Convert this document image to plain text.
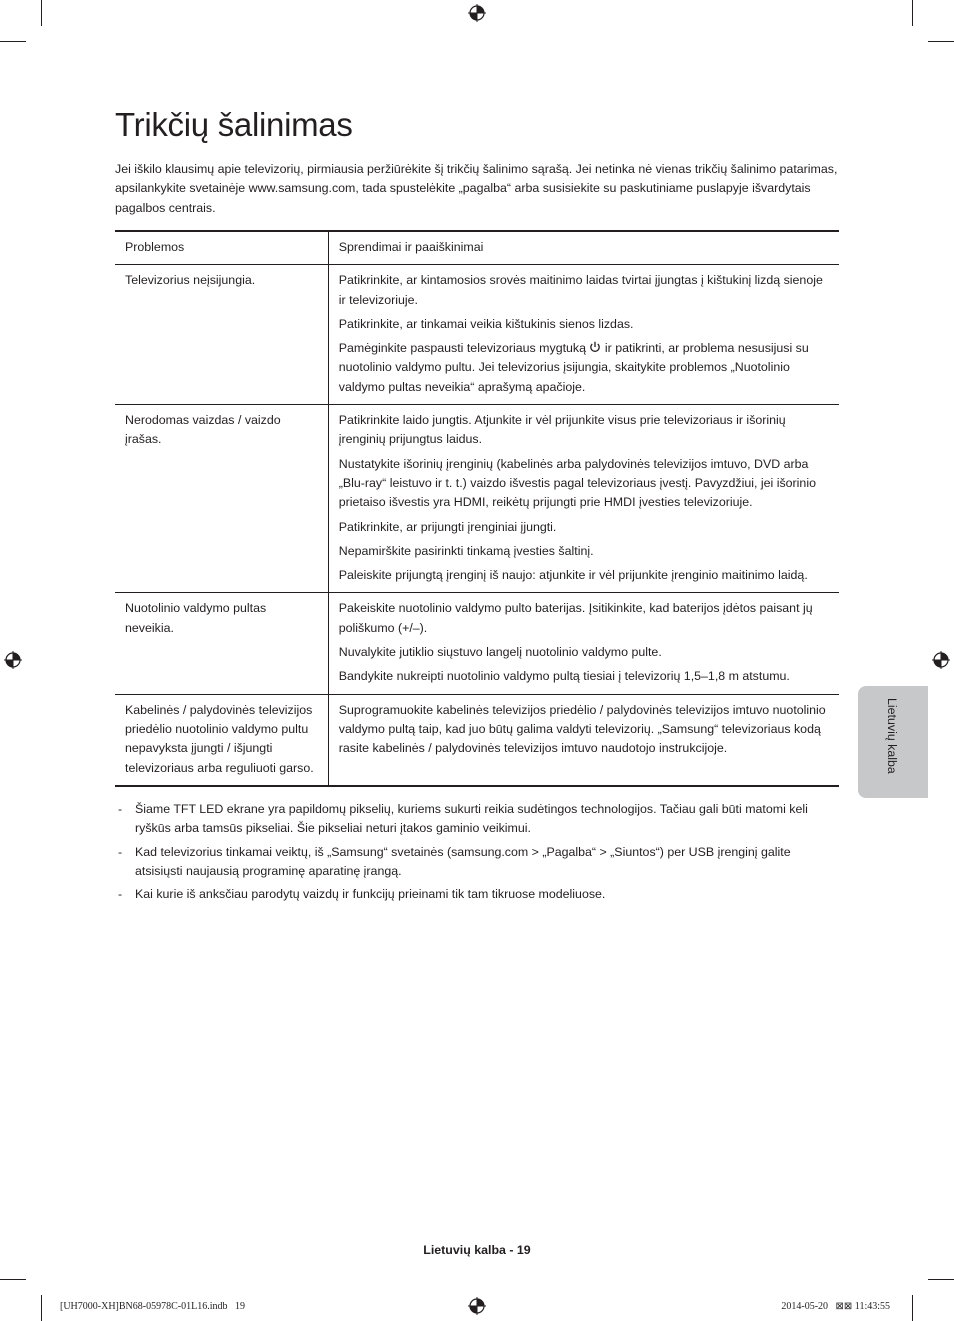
Trikčių šalinimas

Jei iškilo klausimų apie televizorių, pirmiausia peržiūrėkite šį trikčių šalinimo sąrašą. Jei netinka nė vienas trikčių šalinimo patarimas, apsilankykite svetainėje www.samsung.com, tada spustelėkite „pagalba“ arba susisiekite su paskutiniame puslapyje išvardytais pagalbos centrais.

Problemos	Sprendimai ir paaiškinimai
Televizorius neįsijungia.	Patikrinkite, ar kintamosios srovės maitinimo laidas tvirtai įjungtas į kištukinį lizdą sienoje ir televizoriuje.

Patikrinkite, ar tinkamai veikia kištukinis sienos lizdas.

Pamėginkite paspausti televizoriaus mygtuką ir patikrinti, ar problema nesusijusi su nuotolinio valdymo pultu. Jei televizorius įsijungia, skaitykite problemos „Nuotolinio valdymo pultas neveikia“ aprašymą apačioje.

Nerodomas vaizdas / vaizdo įrašas.	Patikrinkite laido jungtis. Atjunkite ir vėl prijunkite visus prie televizoriaus ir išorinių įrenginių prijungtus laidus.

Nustatykite išorinių įrenginių (kabelinės arba palydovinės televizijos imtuvo, DVD arba „Blu-ray“ leistuvo ir t. t.) vaizdo išvestis pagal televizoriaus įvestį. Pavyzdžiui, jei išorinio prietaiso išvestis yra HDMI, reikėtų prijungti prie HMDI įvesties televizoriuje.

Patikrinkite, ar prijungti įrenginiai įjungti.

Nepamirškite pasirinkti tinkamą įvesties šaltinį.

Paleiskite prijungtą įrenginį iš naujo: atjunkite ir vėl prijunkite įrenginio maitinimo laidą.

Nuotolinio valdymo pultas neveikia.	Pakeiskite nuotolinio valdymo pulto baterijas. Įsitikinkite, kad baterijos įdėtos paisant jų poliškumo (+/–).

Nuvalykite jutiklio siųstuvo langelį nuotolinio valdymo pulte.

Bandykite nukreipti nuotolinio valdymo pultą tiesiai į televizorių 1,5–1,8 m atstumu.

Kabelinės / palydovinės televizijos priedėlio nuotolinio valdymo pultu nepavyksta įjungti / išjungti televizoriaus arba reguliuoti garso.	Suprogramuokite kabelinės televizijos priedėlio / palydovinės televizijos imtuvo nuotolinio valdymo pultą taip, kad juo būtų galima valdyti televizorių. „Samsung“ televizoriaus kodą rasite kabelinės / palydovinės televizijos imtuvo naudotojo instrukcijoje.

- Šiame TFT LED ekrane yra papildomų pikselių, kuriems sukurti reikia sudėtingos technologijos. Tačiau gali būti matomi keli ryškūs arba tamsūs pikseliai. Šie pikseliai neturi įtakos gaminio veikimui.
- Kad televizorius tinkamai veiktų, iš „Samsung“ svetainės (samsung.com > „Pagalba“ > „Siuntos“) per USB įrenginį galite atsisiųsti naujausią programinę aparatinę įrangą.
- Kai kurie iš anksčiau parodytų vaizdų ir funkcijų prieinami tik tam tikruose modeliuose.
Lietuvių kalba
Lietuvių kalba - 19
[UH7000-XH]BN68-05978C-01L16.indb   19	2014-05-20   ⊠⊠ 11:43:55
